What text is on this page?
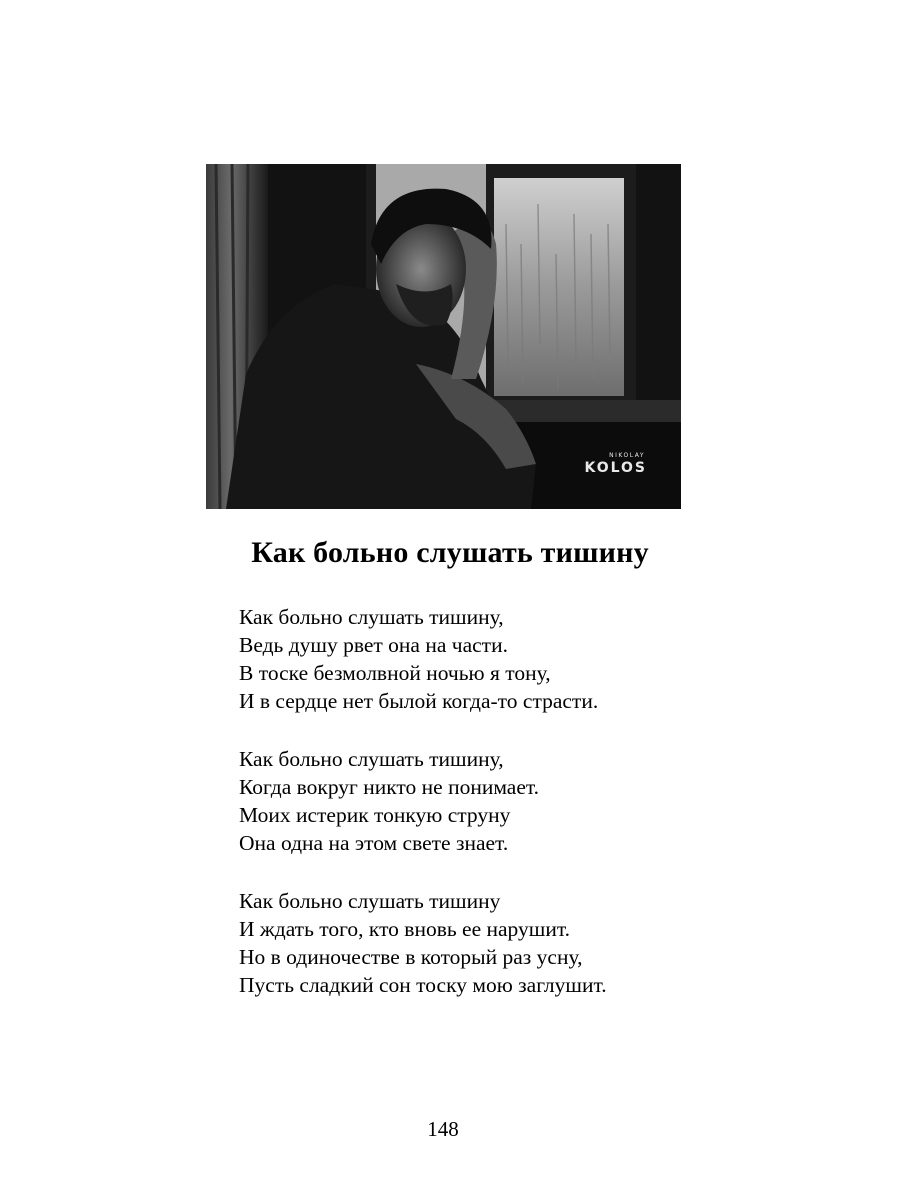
NIKOLAY
KOLOS
Как больно слушать тишину
Как больно слушать тишину,
Ведь душу рвет она на части.
В тоске безмолвной ночью я тону,
И в сердце нет былой когда-то страсти.
Как больно слушать тишину,
Когда вокруг никто не понимает.
Моих истерик тонкую струну
Она одна на этом свете знает.
Как больно слушать тишину
И ждать того, кто вновь ее нарушит.
Но в одиночестве в который раз усну,
Пусть сладкий сон тоску мою заглушит.
148
